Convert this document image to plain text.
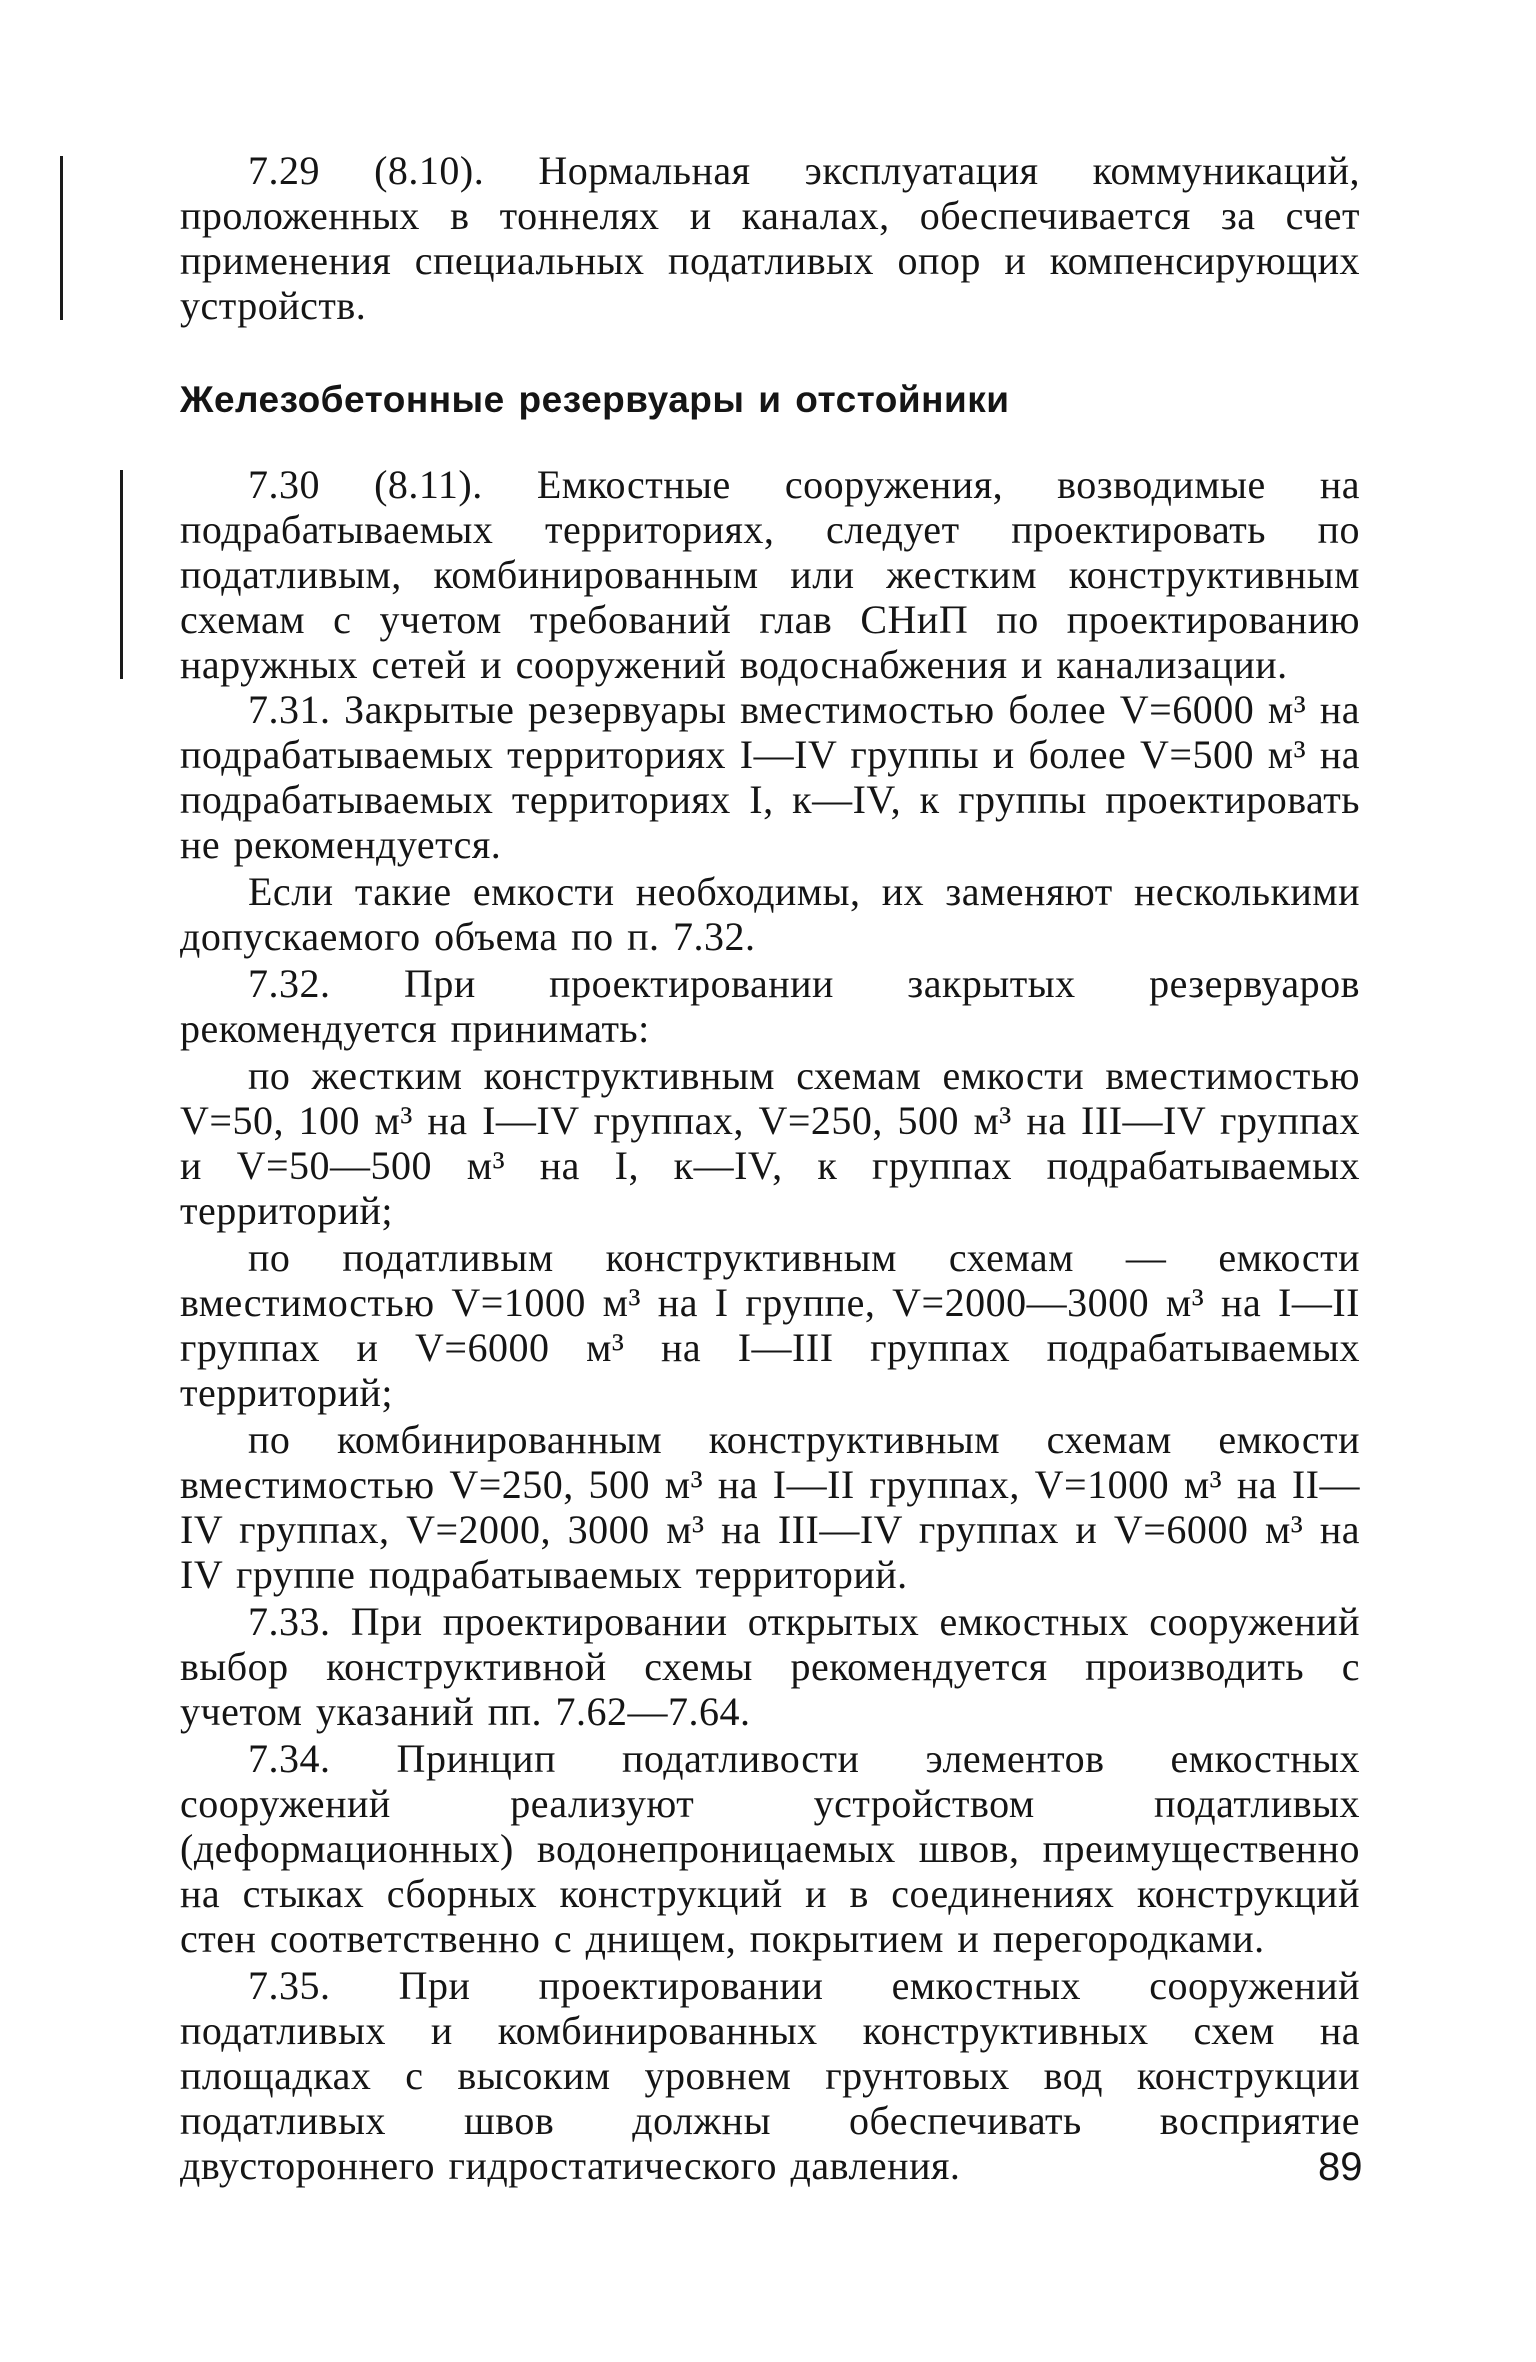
7.29 (8.10). Нормальная эксплуатация коммуникаций, проложенных в тоннелях и каналах, обеспечивается за счет применения специальных податливых опор и компенсирующих устройств.

Железобетонные резервуары и отстойники

7.30 (8.11). Емкостные сооружения, возводимые на подрабатываемых территориях, следует проектировать по податливым, комбинированным или жестким конструктивным схемам с учетом требований глав СНиП по проектированию наружных сетей и сооружений водоснабжения и канализации.

7.31. Закрытые резервуары вместимостью более V=6000 м³ на подрабатываемых территориях I—IV группы и более V=500 м³ на подрабатываемых территориях I, к—IV, к группы проектировать не рекомендуется.

Если такие емкости необходимы, их заменяют несколькими допускаемого объема по п. 7.32.

7.32. При проектировании закрытых резервуаров рекомендуется принимать:

по жестким конструктивным схемам емкости вместимостью V=50, 100 м³ на I—IV группах, V=250, 500 м³ на III—IV группах и V=50—500 м³ на I, к—IV, к группах подрабатываемых территорий;

по податливым конструктивным схемам — емкости вместимостью V=1000 м³ на I группе, V=2000—3000 м³ на I—II группах и V=6000 м³ на I—III группах подрабатываемых территорий;

по комбинированным конструктивным схемам емкости вместимостью V=250, 500 м³ на I—II группах, V=1000 м³ на II—IV группах, V=2000, 3000 м³ на III—IV группах и V=6000 м³ на IV группе подрабатываемых территорий.

7.33. При проектировании открытых емкостных сооружений выбор конструктивной схемы рекомендуется производить с учетом указаний пп. 7.62—7.64.

7.34. Принцип податливости элементов емкостных сооружений реализуют устройством податливых (деформационных) водонепроницаемых швов, преимущественно на стыках сборных конструкций и в соединениях конструкций стен соответственно с днищем, покрытием и перегородками.

7.35. При проектировании емкостных сооружений податливых и комбинированных конструктивных схем на площадках с высоким уровнем грунтовых вод конструкции податливых швов должны обеспечивать восприятие двустороннего гидростатического давления.	89
